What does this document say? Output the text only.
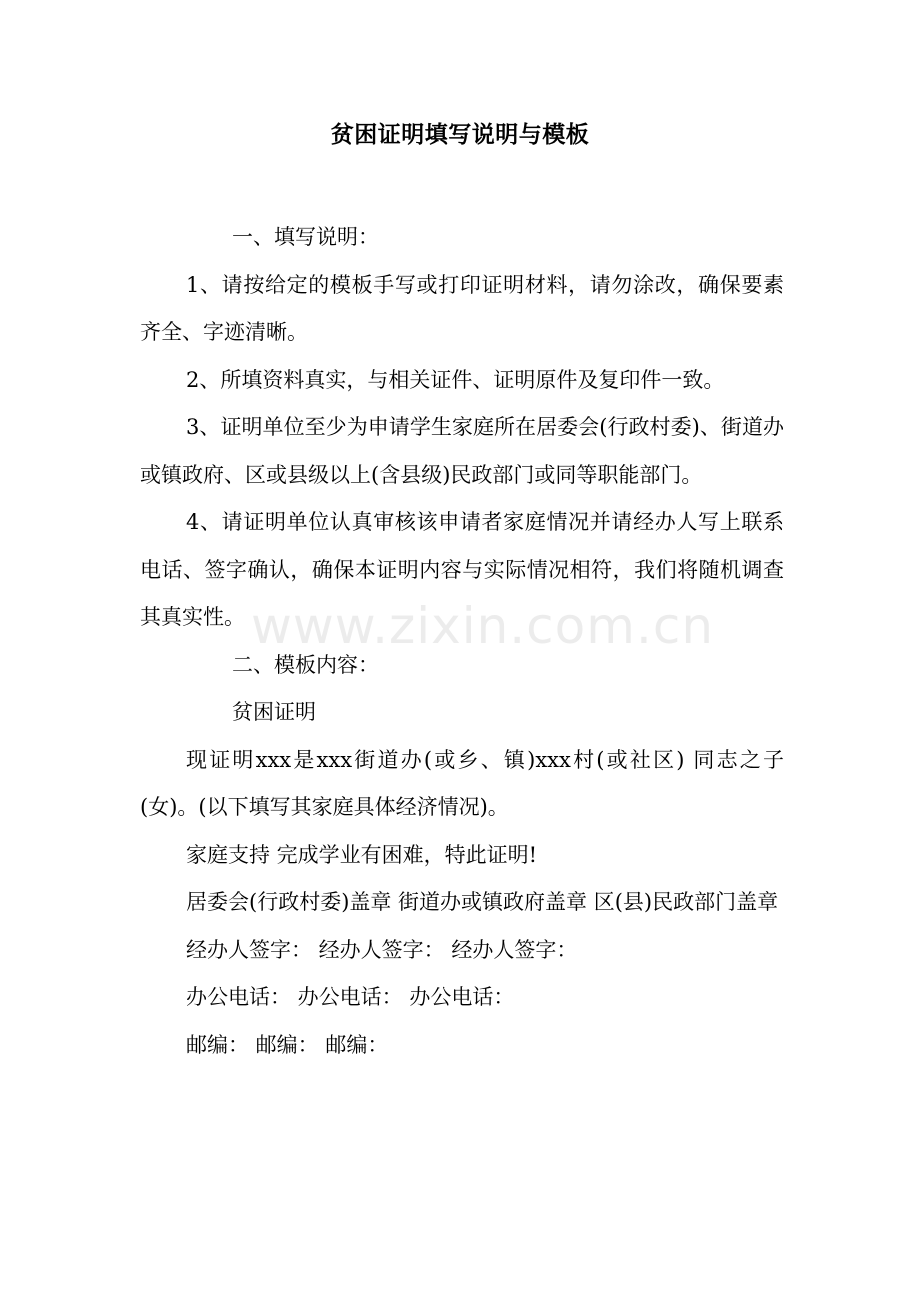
贫困证明填写说明与模板

一、填写说明：

1、请按给定的模板手写或打印证明材料，请勿涂改，确保要素齐全、字迹清晰。

2、所填资料真实，与相关证件、证明原件及复印件一致。

3、证明单位至少为申请学生家庭所在居委会(行政村委)、街道办或镇政府、区或县级以上(含县级)民政部门或同等职能部门。

4、请证明单位认真审核该申请者家庭情况并请经办人写上联系电话、签字确认，确保本证明内容与实际情况相符，我们将随机调查其真实性。

二、模板内容：

贫困证明

现证明xxx是xxx街道办(或乡、镇)xxx村(或社区) 同志之子(女)。(以下填写其家庭具体经济情况)。

家庭支持 完成学业有困难，特此证明!

居委会(行政村委)盖章 街道办或镇政府盖章 区(县)民政部门盖章

经办人签字： 经办人签字： 经办人签字：

办公电话： 办公电话： 办公电话：

邮编： 邮编： 邮编：

www.zixin.com.cn
